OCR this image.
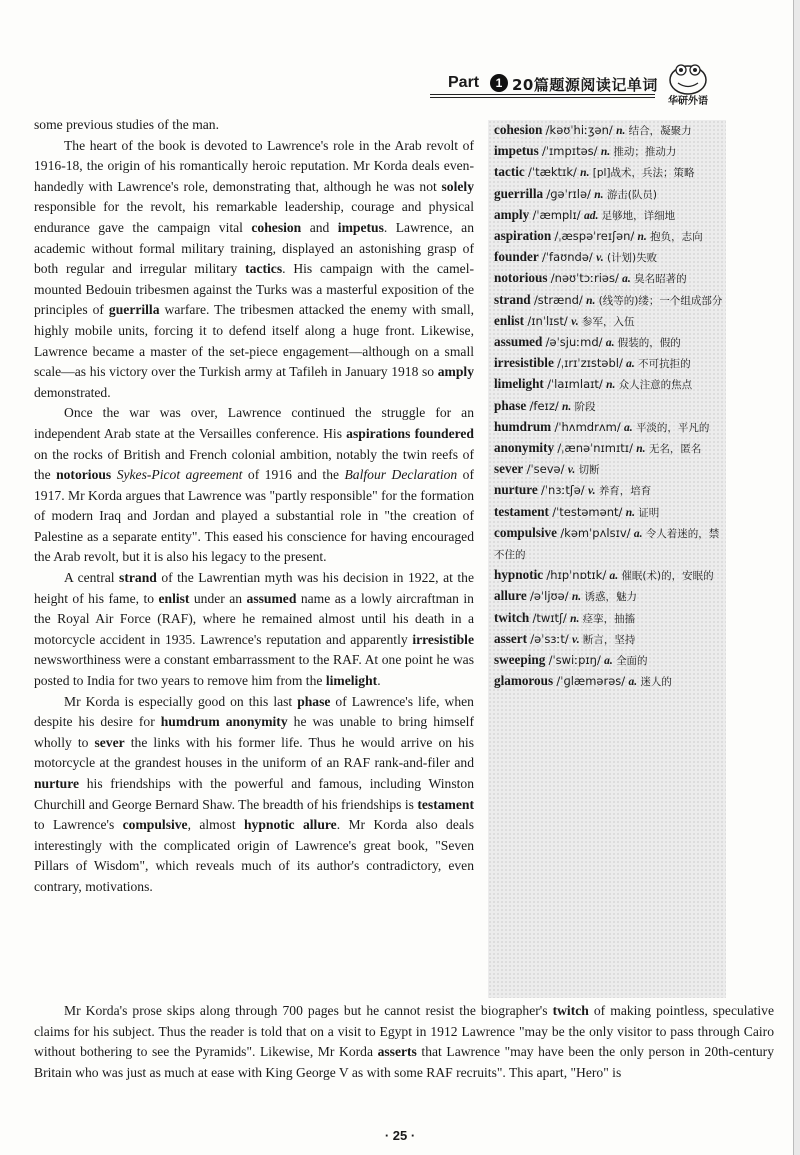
Part	1 20篇题源阅读记单词
华研外语

some previous studies of the man.

The heart of the book is devoted to Lawrence's role in the Arab revolt of 1916-18, the origin of his romantically heroic reputation. Mr Korda deals even-handedly with Lawrence's role, demonstrating that, although he was not solely responsible for the revolt, his remarkable leadership, courage and physical endurance gave the campaign vital cohesion and impetus. Lawrence, an academic without formal military training, displayed an astonishing grasp of both regular and irregular military tactics. His campaign with the camel-mounted Bedouin tribesmen against the Turks was a masterful exposition of the principles of guerrilla warfare. The tribesmen attacked the enemy with small, highly mobile units, forcing it to defend itself along a huge front. Likewise, Lawrence became a master of the set-piece engagement—although on a small scale—as his victory over the Turkish army at Tafileh in January 1918 so amply demonstrated.

Once the war was over, Lawrence continued the struggle for an independent Arab state at the Versailles conference. His aspirations foundered on the rocks of British and French colonial ambition, notably the twin reefs of the notorious Sykes-Picot agreement of 1916 and the Balfour Declaration of 1917. Mr Korda argues that Lawrence was "partly responsible" for the formation of modern Iraq and Jordan and played a substantial role in "the creation of Palestine as a separate entity". This eased his conscience for having encouraged the Arab revolt, but it is also his legacy to the present.

A central strand of the Lawrentian myth was his decision in 1922, at the height of his fame, to enlist under an assumed name as a lowly aircraftman in the Royal Air Force (RAF), where he remained almost until his death in a motorcycle accident in 1935. Lawrence's reputation and apparently irresistible newsworthiness were a constant embarrassment to the RAF. At one point he was posted to India for two years to remove him from the limelight.

Mr Korda is especially good on this last phase of Lawrence's life, when despite his desire for humdrum anonymity he was unable to bring himself wholly to sever the links with his former life. Thus he would arrive on his motorcycle at the grandest houses in the uniform of an RAF rank-and-filer and nurture his friendships with the powerful and famous, including Winston Churchill and George Bernard Shaw. The breadth of his friendships is testament to Lawrence's compulsive, almost hypnotic allure. Mr Korda also deals interestingly with the complicated origin of Lawrence's great book, "Seven Pillars of Wisdom", which reveals much of its author's contradictory, even contrary, motivations.

cohesion /kəʊˈhiːʒən/ n. 结合，凝聚力
impetus /ˈɪmpɪtəs/ n. 推动；推动力
tactic /ˈtæktɪk/ n. [pl]战术，兵法；策略
guerrilla /ɡəˈrɪlə/ n. 游击(队员)
amply /ˈæmplɪ/ ad. 足够地，详细地
aspiration /ˌæspəˈreɪʃən/ n. 抱负，志向
founder /ˈfaʊndə/ v. (计划)失败
notorious /nəʊˈtɔːriəs/ a. 臭名昭著的
strand /strænd/ n. (线等的)缕；一个组成部分
enlist /ɪnˈlɪst/ v. 参军，入伍
assumed /əˈsjuːmd/ a. 假装的，假的
irresistible /ˌɪrɪˈzɪstəbl/ a. 不可抗拒的
limelight /ˈlaɪmlaɪt/ n. 众人注意的焦点
phase /feɪz/ n. 阶段
humdrum /ˈhʌmdrʌm/ a. 平淡的，平凡的
anonymity /ˌænəˈnɪmɪtɪ/ n. 无名，匿名
sever /ˈsevə/ v. 切断
nurture /ˈnɜːtʃə/ v. 养育，培育
testament /ˈtestəmənt/ n. 证明
compulsive /kəmˈpʌlsɪv/ a. 令人着迷的，禁不住的
hypnotic /hɪpˈnɒtɪk/ a. 催眠(术)的，安眠的
allure /əˈljʊə/ n. 诱惑，魅力
twitch /twɪtʃ/ n. 痉挛，抽搐
assert /əˈsɜːt/ v. 断言，坚持
sweeping /ˈswiːpɪŋ/ a. 全面的
glamorous /ˈɡlæmərəs/ a. 迷人的

Mr Korda's prose skips along through 700 pages but he cannot resist the biographer's twitch of making pointless, speculative claims for his subject. Thus the reader is told that on a visit to Egypt in 1912 Lawrence "may be the only visitor to pass through Cairo without bothering to see the Pyramids". Likewise, Mr Korda asserts that Lawrence "may have been the only person in 20th-century Britain who was just as much at ease with King George V as with some RAF recruits". This apart, "Hero" is

· 25 ·
